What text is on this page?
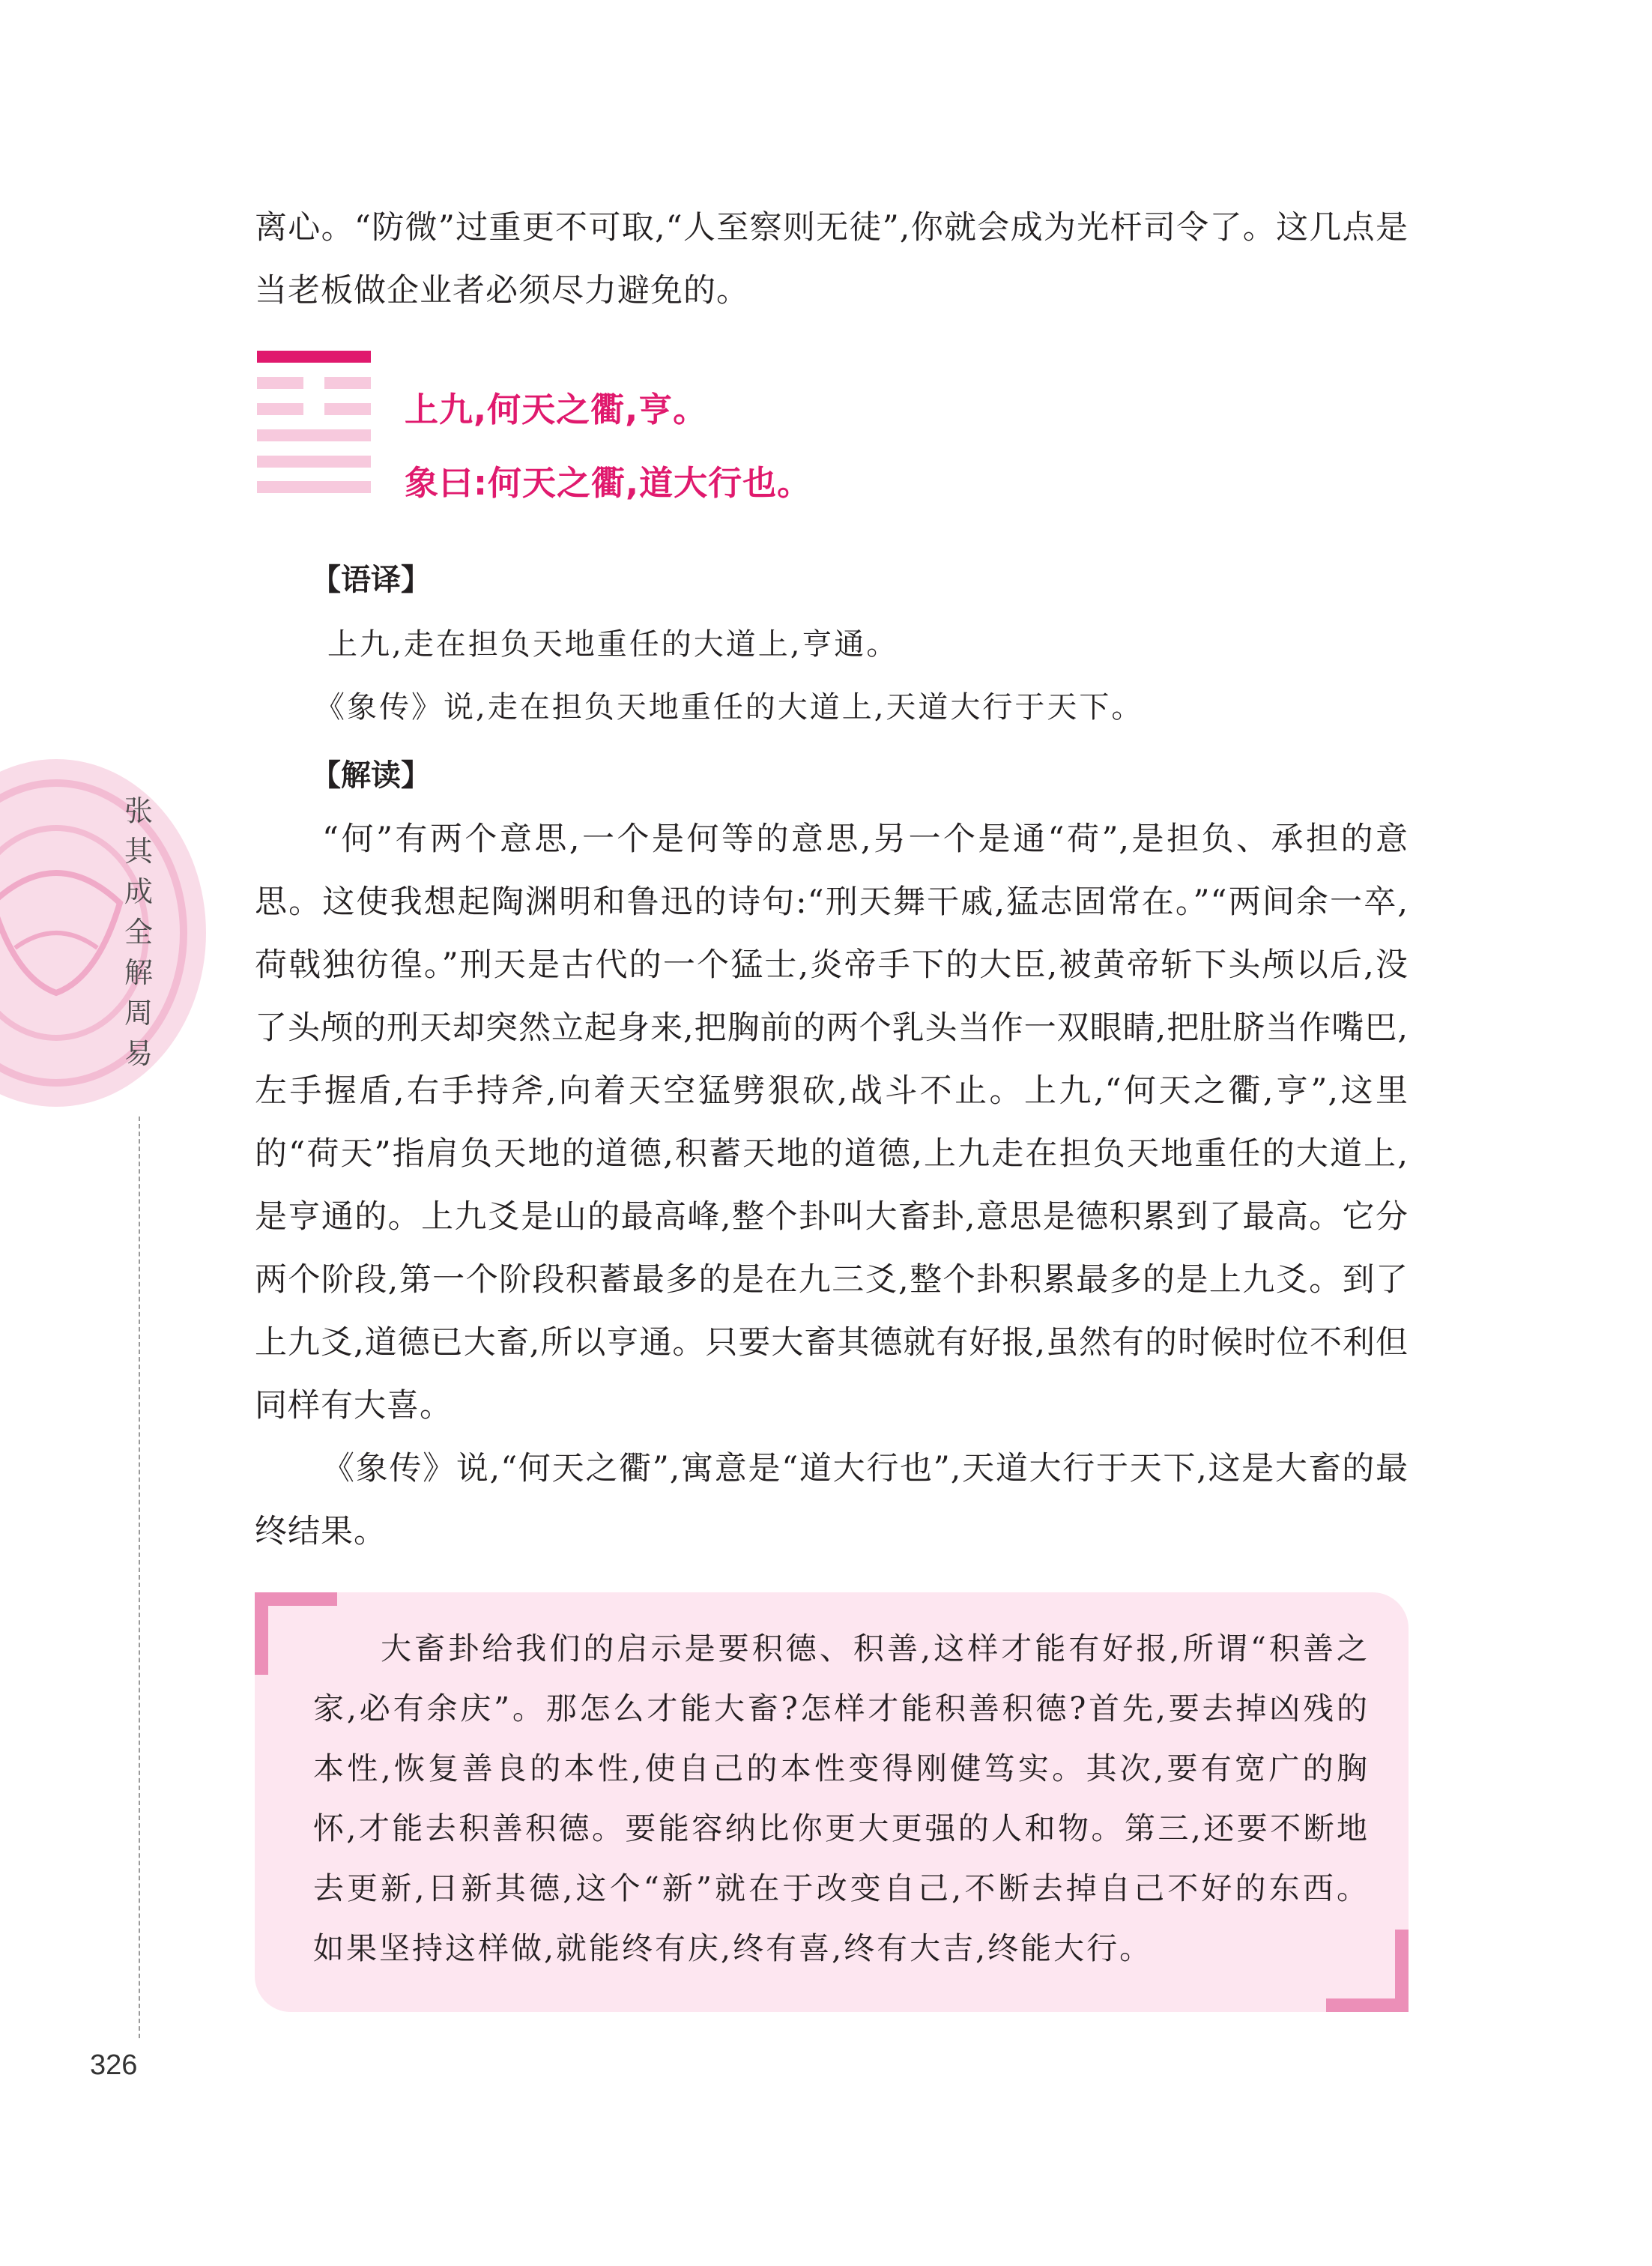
离心。“防微”过重更不可取,“人至察则无徒”,你就会成为光杆司令了。这几点是当老板做企业者必须尽力避免的。
上九,何天之衢,亨。
象曰:何天之衢,道大行也。
【语译】
上九,走在担负天地重任的大道上,亨通。
《象传》说,走在担负天地重任的大道上,天道大行于天下。
【解读】
“何”有两个意思,一个是何等的意思,另一个是通“荷”,是担负、承担的意思。这使我想起陶渊明和鲁迅的诗句:“刑天舞干戚,猛志固常在。”“两间余一卒,荷戟独彷徨。”刑天是古代的一个猛士,炎帝手下的大臣,被黄帝斩下头颅以后,没了头颅的刑天却突然立起身来,把胸前的两个乳头当作一双眼睛,把肚脐当作嘴巴,左手握盾,右手持斧,向着天空猛劈狠砍,战斗不止。上九,“何天之衢,亨”,这里的“荷天”指肩负天地的道德,积蓄天地的道德,上九走在担负天地重任的大道上,是亨通的。上九爻是山的最高峰,整个卦叫大畜卦,意思是德积累到了最高。它分两个阶段,第一个阶段积蓄最多的是在九三爻,整个卦积累最多的是上九爻。到了上九爻,道德已大畜,所以亨通。只要大畜其德就有好报,虽然有的时候时位不利但同样有大喜。
《象传》说,“何天之衢”,寓意是“道大行也”,天道大行于天下,这是大畜的最终结果。
大畜卦给我们的启示是要积德、积善,这样才能有好报,所谓“积善之家,必有余庆”。那怎么才能大畜?怎样才能积善积德?首先,要去掉凶残的本性,恢复善良的本性,使自己的本性变得刚健笃实。其次,要有宽广的胸怀,才能去积善积德。要能容纳比你更大更强的人和物。第三,还要不断地去更新,日新其德,这个“新”就在于改变自己,不断去掉自己不好的东西。如果坚持这样做,就能终有庆,终有喜,终有大吉,终能大行。
张其成全解周易
326
